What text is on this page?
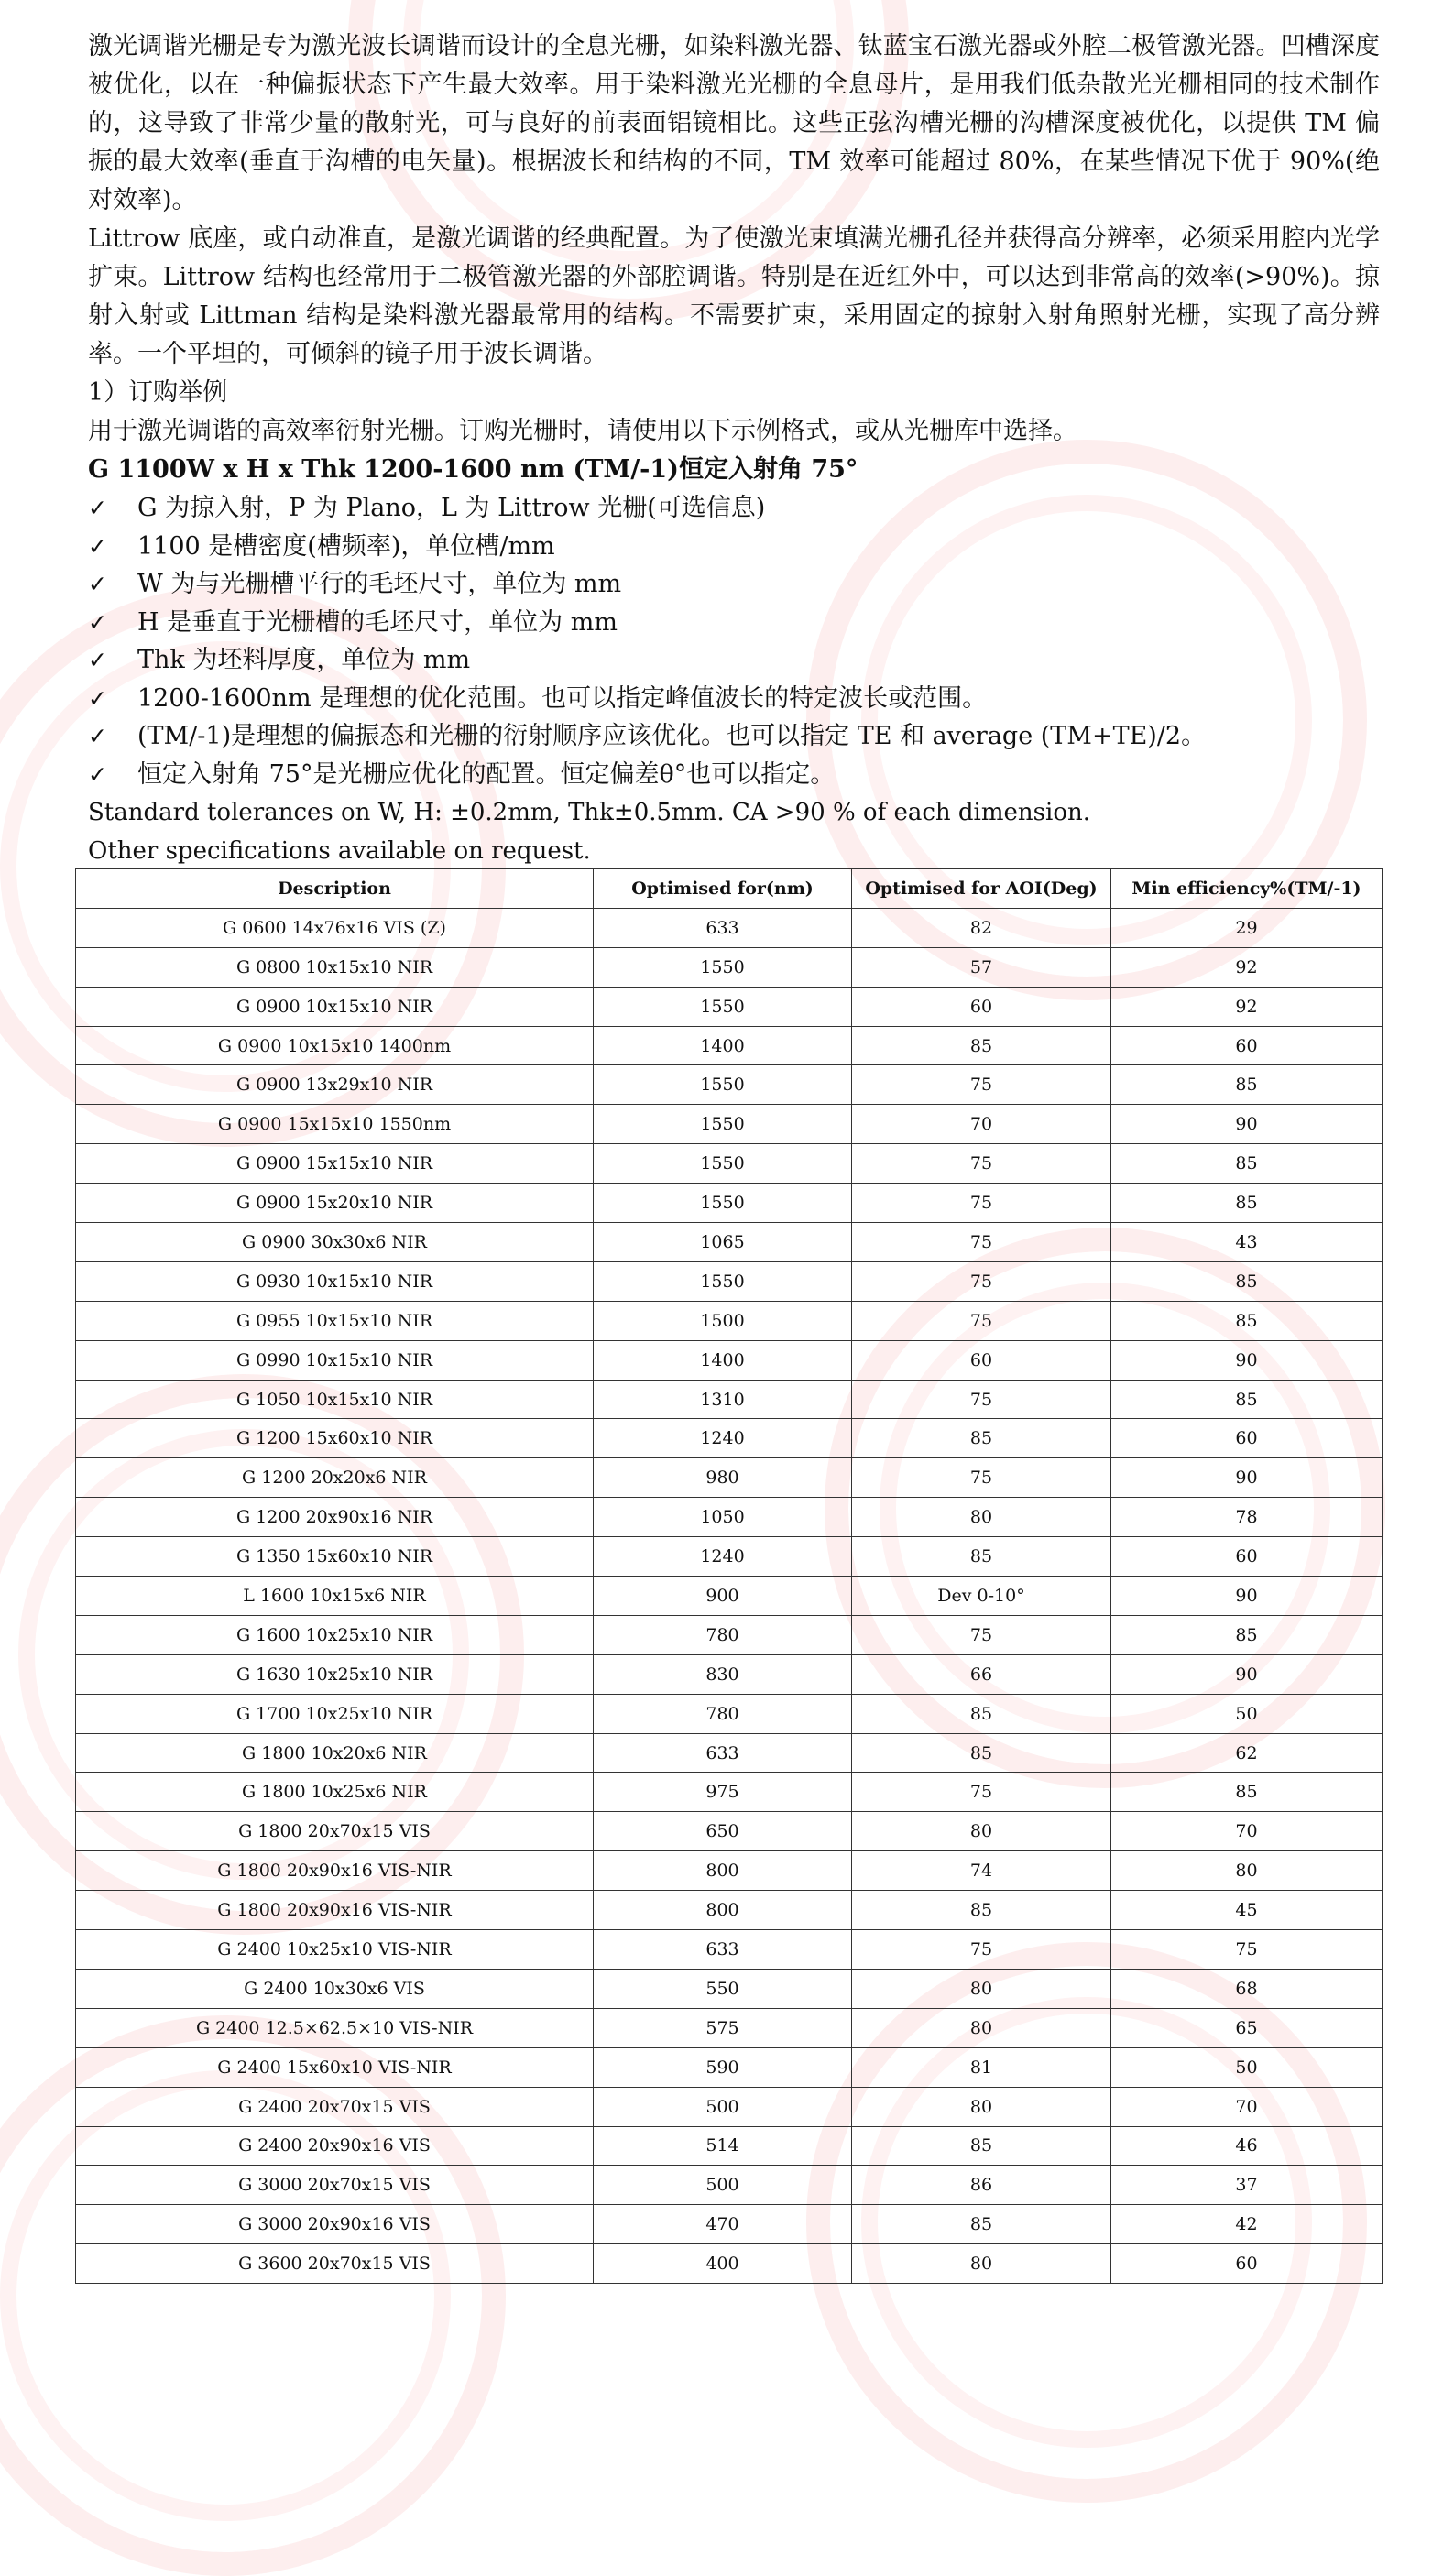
激光调谐光栅是专为激光波长调谐而设计的全息光栅，如染料激光器、钛蓝宝石激光器或外腔二极管激光器。凹槽深度被优化，以在一种偏振状态下产生最大效率。用于染料激光光栅的全息母片，是用我们低杂散光光栅相同的技术制作的，这导致了非常少量的散射光，可与良好的前表面铝镜相比。这些正弦沟槽光栅的沟槽深度被优化，以提供 TM 偏振的最大效率(垂直于沟槽的电矢量)。根据波长和结构的不同，TM 效率可能超过 80%，在某些情况下优于 90%(绝对效率)。

Littrow 底座，或自动准直，是激光调谐的经典配置。为了使激光束填满光栅孔径并获得高分辨率，必须采用腔内光学扩束。Littrow 结构也经常用于二极管激光器的外部腔调谐。特别是在近红外中，可以达到非常高的效率(>90%)。掠射入射或 Littman 结构是染料激光器最常用的结构。不需要扩束，采用固定的掠射入射角照射光栅，实现了高分辨率。一个平坦的，可倾斜的镜子用于波长调谐。

1）订购举例

用于激光调谐的高效率衍射光栅。订购光栅时，请使用以下示例格式，或从光栅库中选择。

G 1100W x H x Thk 1200-1600 nm (TM/-1)恒定入射角 75°

✓	G 为掠入射，P 为 Plano，L 为 Littrow 光栅(可选信息)
✓	1100 是槽密度(槽频率)，单位槽/mm
✓	W 为与光栅槽平行的毛坯尺寸，单位为 mm
✓	H 是垂直于光栅槽的毛坯尺寸，单位为 mm
✓	Thk 为坯料厚度，单位为 mm
✓	1200-1600nm 是理想的优化范围。也可以指定峰值波长的特定波长或范围。
✓	(TM/-1)是理想的偏振态和光栅的衍射顺序应该优化。也可以指定 TE 和 average (TM+TE)/2。
✓	恒定入射角 75°是光栅应优化的配置。恒定偏差θ°也可以指定。

Standard tolerances on W, H: ±0.2mm, Thk±0.5mm. CA >90 % of each dimension.

Other specifications available on request.

Description	Optimised for(nm)	Optimised for AOI(Deg)	Min efficiency%(TM/-1)
G 0600 14x76x16 VIS (Z)	633	82	29
G 0800 10x15x10 NIR	1550	57	92
G 0900 10x15x10 NIR	1550	60	92
G 0900 10x15x10 1400nm	1400	85	60
G 0900 13x29x10 NIR	1550	75	85
G 0900 15x15x10 1550nm	1550	70	90
G 0900 15x15x10 NIR	1550	75	85
G 0900 15x20x10 NIR	1550	75	85
G 0900 30x30x6 NIR	1065	75	43
G 0930 10x15x10 NIR	1550	75	85
G 0955 10x15x10 NIR	1500	75	85
G 0990 10x15x10 NIR	1400	60	90
G 1050 10x15x10 NIR	1310	75	85
G 1200 15x60x10 NIR	1240	85	60
G 1200 20x20x6 NIR	980	75	90
G 1200 20x90x16 NIR	1050	80	78
G 1350 15x60x10 NIR	1240	85	60
L 1600 10x15x6 NIR	900	Dev 0-10°	90
G 1600 10x25x10 NIR	780	75	85
G 1630 10x25x10 NIR	830	66	90
G 1700 10x25x10 NIR	780	85	50
G 1800 10x20x6 NIR	633	85	62
G 1800 10x25x6 NIR	975	75	85
G 1800 20x70x15 VIS	650	80	70
G 1800 20x90x16 VIS-NIR	800	74	80
G 1800 20x90x16 VIS-NIR	800	85	45
G 2400 10x25x10 VIS-NIR	633	75	75
G 2400 10x30x6 VIS	550	80	68
G 2400 12.5×62.5×10 VIS-NIR	575	80	65
G 2400 15x60x10 VIS-NIR	590	81	50
G 2400 20x70x15 VIS	500	80	70
G 2400 20x90x16 VIS	514	85	46
G 3000 20x70x15 VIS	500	86	37
G 3000 20x90x16 VIS	470	85	42
G 3600 20x70x15 VIS	400	80	60
